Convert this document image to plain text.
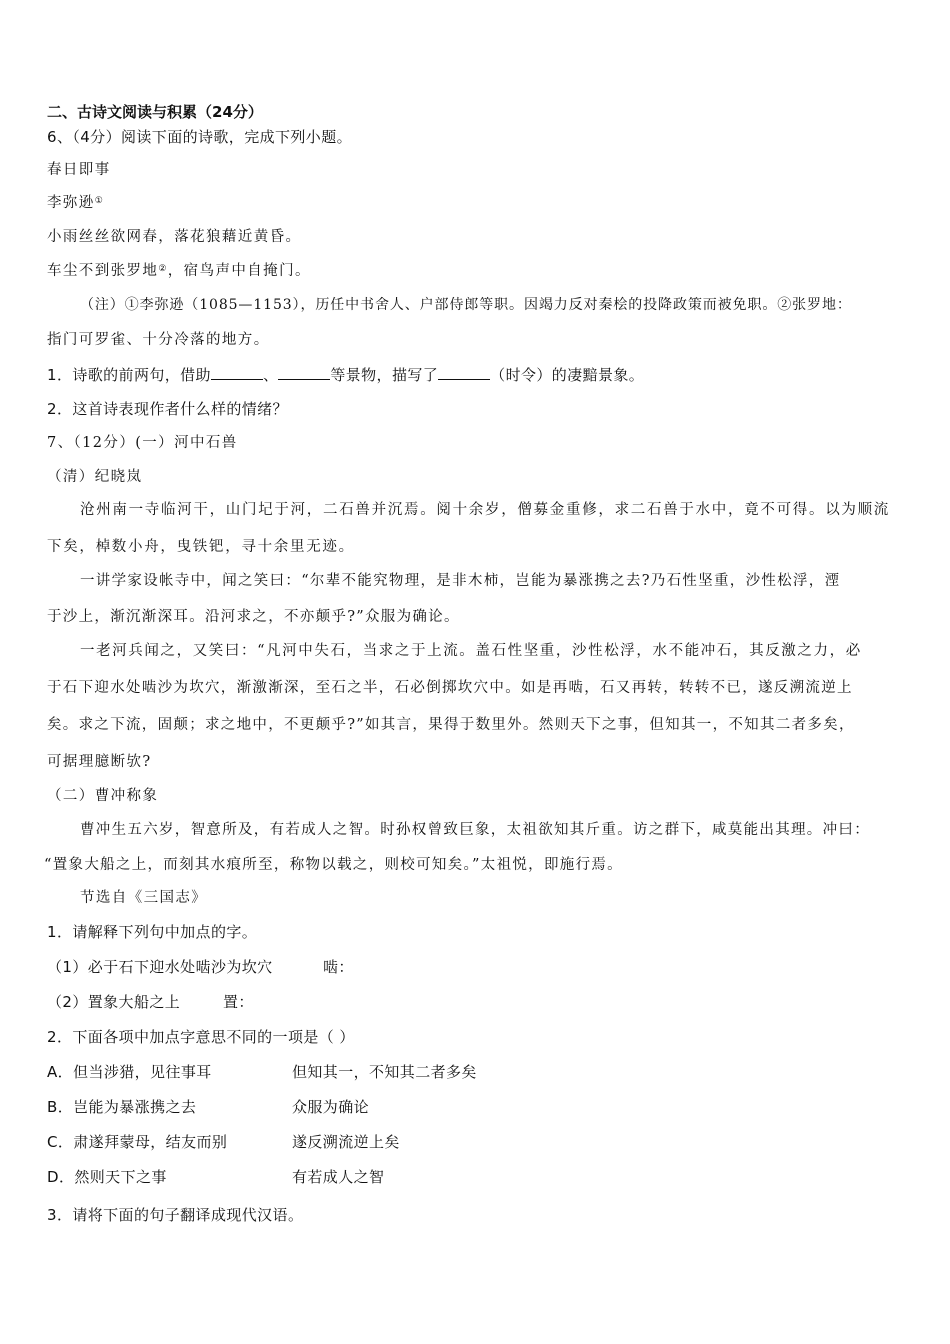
二、古诗文阅读与积累（24分）
6、（4分）阅读下面的诗歌，完成下列小题。
春日即事
李弥逊①
小雨丝丝欲网春，落花狼藉近黄昏。
车尘不到张罗地②，宿鸟声中自掩门。
（注）①李弥逊（1085—1153），历任中书舍人、户部侍郎等职。因竭力反对秦桧的投降政策而被免职。②张罗地：
指门可罗雀、十分冷落的地方。
1．诗歌的前两句，借助	、	等景物，描写了	（时令）的凄黯景象。
2．这首诗表现作者什么样的情绪？
7、（12分）(一）河中石兽
（清）纪晓岚
沧州南一寺临河干，山门圮于河，二石兽并沉焉。阅十余岁，僧募金重修，求二石兽于水中，竟不可得。以为顺流
下矣，棹数小舟，曳铁钯，寻十余里无迹。
一讲学家设帐寺中，闻之笑曰：“尔辈不能究物理，是非木柿，岂能为暴涨携之去?乃石性坚重，沙性松浮，湮
于沙上，渐沉渐深耳。沿河求之，不亦颠乎?”众服为确论。
一老河兵闻之，又笑曰：“凡河中失石，当求之于上流。盖石性坚重，沙性松浮，水不能冲石，其反激之力，必
于石下迎水处啮沙为坎穴，渐激渐深，至石之半，石必倒掷坎穴中。如是再啮，石又再转，转转不已，遂反溯流逆上
矣。求之下流，固颠；求之地中，不更颠乎?”如其言，果得于数里外。然则天下之事，但知其一，不知其二者多矣，
可据理臆断欤?
（二）曹冲称象
曹冲生五六岁，智意所及，有若成人之智。时孙权曾致巨象，太祖欲知其斤重。访之群下，咸莫能出其理。冲曰：
“置象大船之上，而刻其水痕所至，称物以载之，则校可知矣。”太祖悦，即施行焉。
节选自《三国志》
1．请解释下列句中加点的字。
（1）必于石下迎水处啮沙为坎穴	啮：
（2）置象大船之上	置：
2．下面各项中加点字意思不同的一项是（ ）
A．但当涉猎，见往事耳	但知其一，不知其二者多矣
B．岂能为暴涨携之去	众服为确论
C．肃遂拜蒙母，结友而别	遂反溯流逆上矣
D．然则天下之事	有若成人之智
3．请将下面的句子翻译成现代汉语。
